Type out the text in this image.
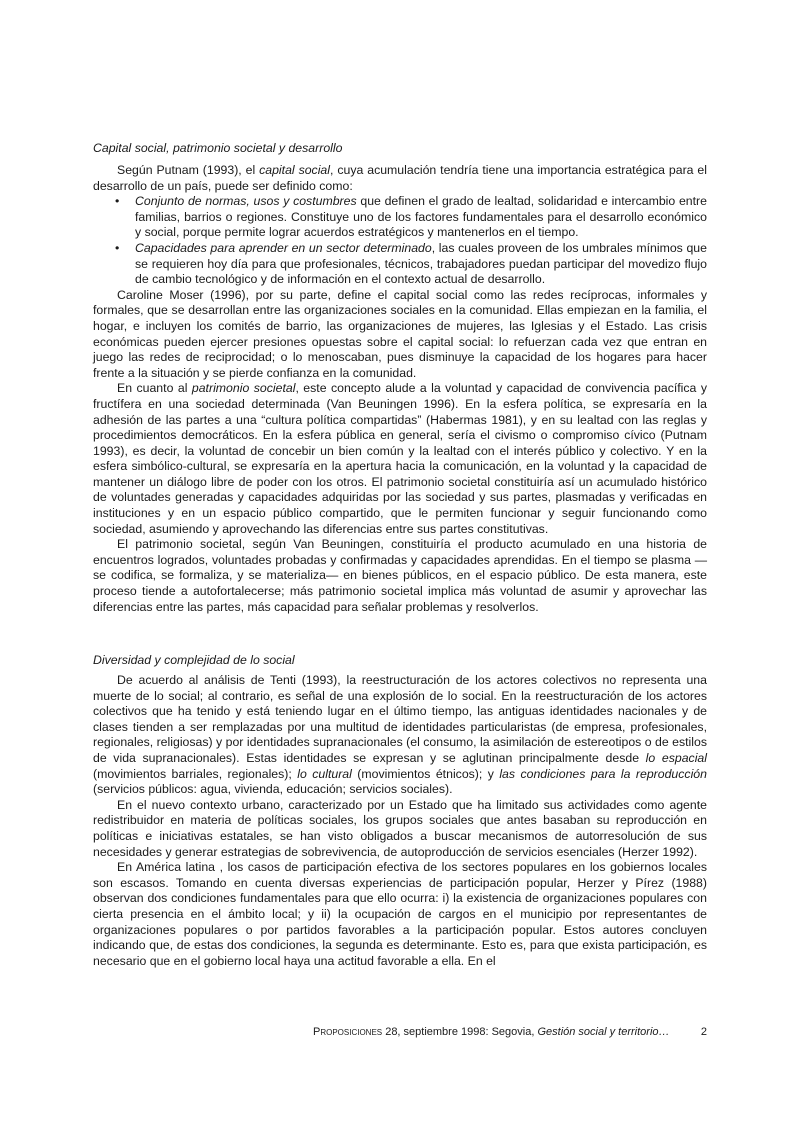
Capital social, patrimonio societal y desarrollo

Según Putnam (1993), el capital social, cuya acumulación tendría tiene una importancia estratégica para el desarrollo de un país, puede ser definido como:

• Conjunto de normas, usos y costumbres que definen el grado de lealtad, solidaridad e intercambio entre familias, barrios o regiones. Constituye uno de los factores fundamentales para el desarrollo económico y social, porque permite lograr acuerdos estratégicos y mantenerlos en el tiempo.
• Capacidades para aprender en un sector determinado, las cuales proveen de los umbrales mínimos que se requieren hoy día para que profesionales, técnicos, trabajadores puedan participar del movedizo flujo de cambio tecnológico y de información en el contexto actual de desarrollo.

Caroline Moser (1996), por su parte, define el capital social como las redes recíprocas, informales y formales, que se desarrollan entre las organizaciones sociales en la comunidad. Ellas empiezan en la familia, el hogar, e incluyen los comités de barrio, las organizaciones de mujeres, las Iglesias y el Estado. Las crisis económicas pueden ejercer presiones opuestas sobre el capital social: lo refuerzan cada vez que entran en juego las redes de reciprocidad; o lo menoscaban, pues disminuye la capacidad de los hogares para hacer frente a la situación y se pierde confianza en la comunidad.

En cuanto al patrimonio societal, este concepto alude a la voluntad y capacidad de convivencia pacífica y fructífera en una sociedad determinada (Van Beuningen 1996). En la esfera política, se expresaría en la adhesión de las partes a una “cultura política compartidas” (Habermas 1981), y en su lealtad con las reglas y procedimientos democráticos. En la esfera pública en general, sería el civismo o compromiso cívico (Putnam 1993), es decir, la voluntad de concebir un bien común y la lealtad con el interés público y colectivo. Y en la esfera simbólico-cultural, se expresaría en la apertura hacia la comunicación, en la voluntad y la capacidad de mantener un diálogo libre de poder con los otros. El patrimonio societal constituiría así un acumulado histórico de voluntades generadas y capacidades adquiridas por las sociedad y sus partes, plasmadas y verificadas en instituciones y en un espacio público compartido, que le permiten funcionar y seguir funcionando como sociedad, asumiendo y aprovechando las diferencias entre sus partes constitutivas.

El patrimonio societal, según Van Beuningen, constituiría el producto acumulado en una historia de encuentros logrados, voluntades probadas y confirmadas y capacidades aprendidas. En el tiempo se plasma —se codifica, se formaliza, y se materializa— en bienes públicos, en el espacio público. De esta manera, este proceso tiende a autofortalecerse; más patrimonio societal implica más voluntad de asumir y aprovechar las diferencias entre las partes, más capacidad para señalar problemas y resolverlos.

Diversidad y complejidad de lo social

De acuerdo al análisis de Tenti (1993), la reestructuración de los actores colectivos no representa una muerte de lo social; al contrario, es señal de una explosión de lo social. En la reestructuración de los actores colectivos que ha tenido y está teniendo lugar en el último tiempo, las antiguas identidades nacionales y de clases tienden a ser remplazadas por una multitud de identidades particularistas (de empresa, profesionales, regionales, religiosas) y por identidades supranacionales (el consumo, la asimilación de estereotipos o de estilos de vida supranacionales). Estas identidades se expresan y se aglutinan principalmente desde lo espacial (movimientos barriales, regionales); lo cultural (movimientos étnicos); y las condiciones para la reproducción (servicios públicos: agua, vivienda, educación; servicios sociales).

En el nuevo contexto urbano, caracterizado por un Estado que ha limitado sus actividades como agente redistribuidor en materia de políticas sociales, los grupos sociales que antes basaban su reproducción en políticas e iniciativas estatales, se han visto obligados a buscar mecanismos de autorresolución de sus necesidades y generar estrategias de sobrevivencia, de autoproducción de servicios esenciales (Herzer 1992).

En América latina , los casos de participación efectiva de los sectores populares en los gobiernos locales son escasos. Tomando en cuenta diversas experiencias de participación popular, Herzer y Pírez (1988) observan dos condiciones fundamentales para que ello ocurra: i) la existencia de organizaciones populares con cierta presencia en el ámbito local; y ii) la ocupación de cargos en el municipio por representantes de organizaciones populares o por partidos favorables a la participación popular. Estos autores concluyen indicando que, de estas dos condiciones, la segunda es determinante. Esto es, para que exista participación, es necesario que en el gobierno local haya una actitud favorable a ella. En el

Proposiciones 28, septiembre 1998: Segovia, Gestión social y territorio…	2
